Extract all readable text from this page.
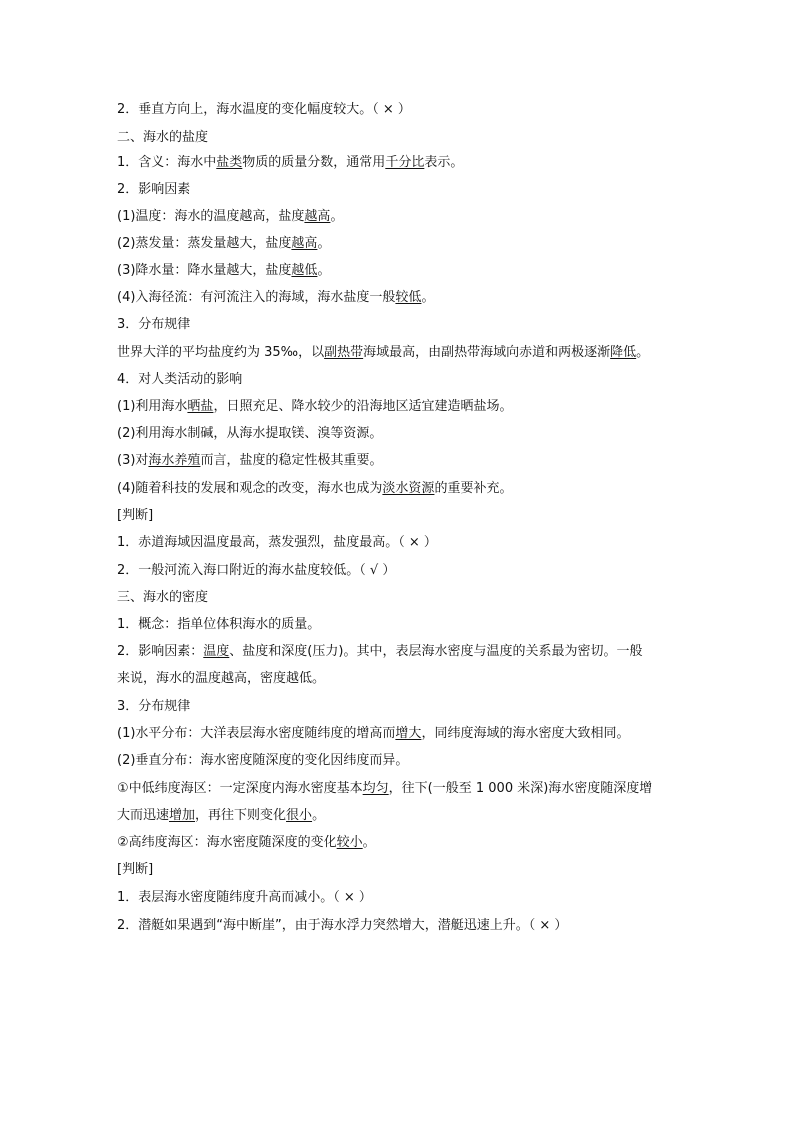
2．垂直方向上，海水温度的变化幅度较大。（ × ）
二、海水的盐度
1．含义：海水中盐类物质的质量分数，通常用千分比表示。
2．影响因素
(1)温度：海水的温度越高，盐度越高。
(2)蒸发量：蒸发量越大，盐度越高。
(3)降水量：降水量越大，盐度越低。
(4)入海径流：有河流注入的海域，海水盐度一般较低。
3．分布规律
世界大洋的平均盐度约为 35‰，以副热带海域最高，由副热带海域向赤道和两极逐渐降低。
4．对人类活动的影响
(1)利用海水晒盐，日照充足、降水较少的沿海地区适宜建造晒盐场。
(2)利用海水制碱，从海水提取镁、溴等资源。
(3)对海水养殖而言，盐度的稳定性极其重要。
(4)随着科技的发展和观念的改变，海水也成为淡水资源的重要补充。
[判断]
1．赤道海域因温度最高，蒸发强烈，盐度最高。（ × ）
2．一般河流入海口附近的海水盐度较低。（ √ ）
三、海水的密度
1．概念：指单位体积海水的质量。
2．影响因素：温度、盐度和深度(压力)。其中，表层海水密度与温度的关系最为密切。一般
来说，海水的温度越高，密度越低。
3．分布规律
(1)水平分布：大洋表层海水密度随纬度的增高而增大，同纬度海域的海水密度大致相同。
(2)垂直分布：海水密度随深度的变化因纬度而异。
①中低纬度海区：一定深度内海水密度基本均匀，往下(一般至 1 000 米深)海水密度随深度增
大而迅速增加，再往下则变化很小。
②高纬度海区：海水密度随深度的变化较小。
[判断]
1．表层海水密度随纬度升高而减小。（ × ）
2．潜艇如果遇到“海中断崖”，由于海水浮力突然增大，潜艇迅速上升。（ × ）
